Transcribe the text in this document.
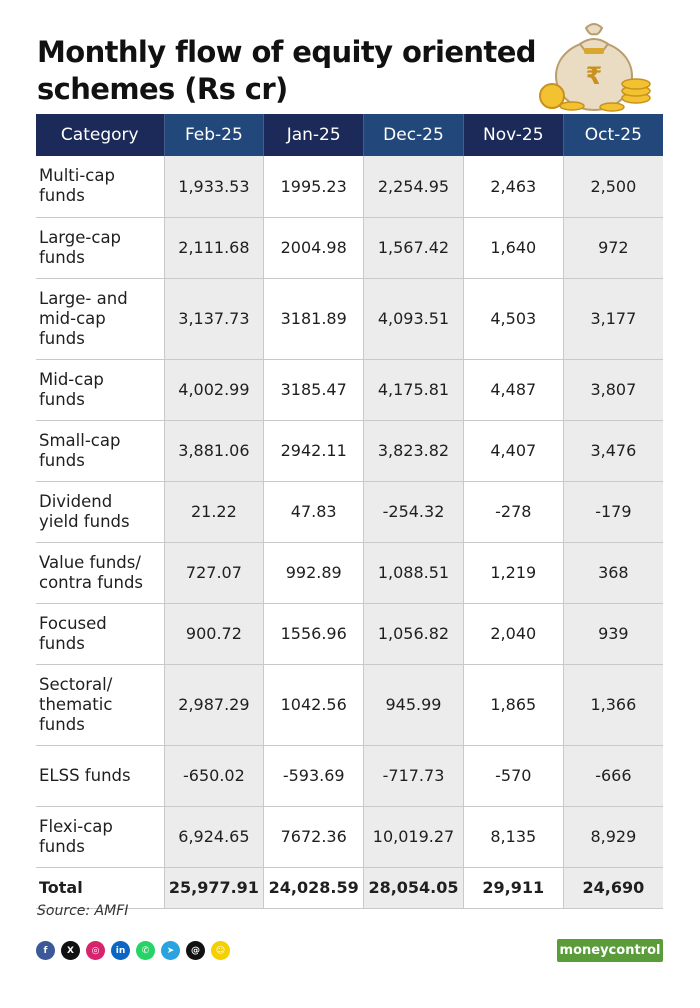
Monthly flow of equity oriented schemes (Rs cr)	₹
Category	Feb-25	Jan-25	Dec-25	Nov-25	Oct-25

Multi-cap
funds	1,933.53	1995.23	2,254.95	2,463	2,500

Large-cap
funds	2,111.68	2004.98	1,567.42	1,640	972

Large- and
mid-cap
funds	3,137.73	3181.89	4,093.51	4,503	3,177

Mid-cap
funds	4,002.99	3185.47	4,175.81	4,487	3,807

Small-cap
funds	3,881.06	2942.11	3,823.82	4,407	3,476

Dividend
yield funds	21.22	47.83	-254.32	-278	-179

Value funds/
contra funds	727.07	992.89	1,088.51	1,219	368

Focused
funds	900.72	1556.96	1,056.82	2,040	939

Sectoral/
thematic
funds	2,987.29	1042.56	945.99	1,865	1,366

ELSS funds	-650.02	-593.69	-717.73	-570	-666

Flexi-cap
funds	6,924.65	7672.36	10,019.27	8,135	8,929
Total	25,977.91	24,028.59	28,054.05	29,911	24,690
Source: AMFI
f	X	◎	in	✆	➤	@	☺	moneycontrol
